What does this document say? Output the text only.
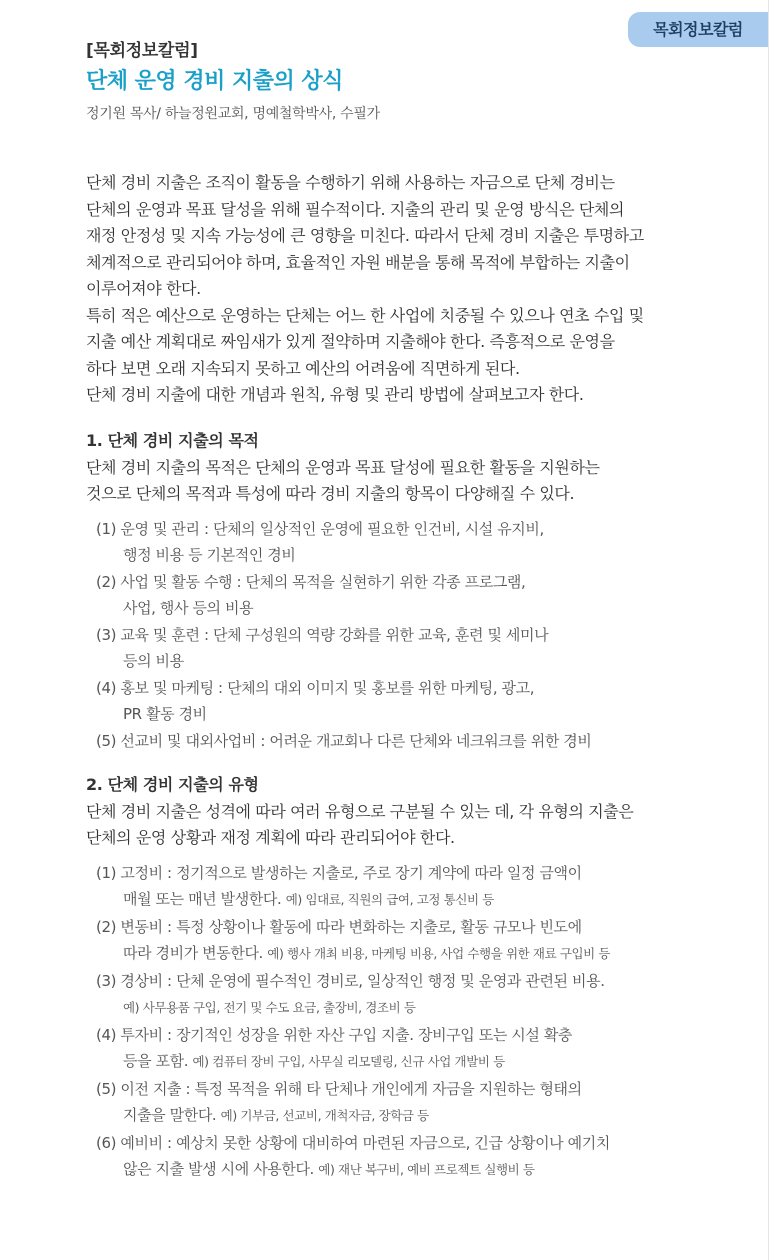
목회정보칼럼
[목회정보칼럼]
단체 운영 경비 지출의 상식
정기원 목사/ 하늘정원교회, 명예철학박사, 수필가

단체 경비 지출은 조직이 활동을 수행하기 위해 사용하는 자금으로 단체 경비는

단체의 운영과 목표 달성을 위해 필수적이다. 지출의 관리 및 운영 방식은 단체의

재정 안정성 및 지속 가능성에 큰 영향을 미친다. 따라서 단체 경비 지출은 투명하고

체계적으로 관리되어야 하며, 효율적인 자원 배분을 통해 목적에 부합하는 지출이

이루어져야 한다.

특히 적은 예산으로 운영하는 단체는 어느 한 사업에 치중될 수 있으나 연초 수입 및

지출 예산 계획대로 짜임새가 있게 절약하며 지출해야 한다. 즉흥적으로 운영을

하다 보면 오래 지속되지 못하고 예산의 어려움에 직면하게 된다.

단체 경비 지출에 대한 개념과 원칙, 유형 및 관리 방법에 살펴보고자 한다.

1. 단체 경비 지출의 목적

단체 경비 지출의 목적은 단체의 운영과 목표 달성에 필요한 활동을 지원하는

것으로 단체의 목적과 특성에 따라 경비 지출의 항목이 다양해질 수 있다.

(1) 운영 및 관리 : 단체의 일상적인 운영에 필요한 인건비, 시설 유지비,
행정 비용 등 기본적인 경비
(2) 사업 및 활동 수행 : 단체의 목적을 실현하기 위한 각종 프로그램,
사업, 행사 등의 비용
(3) 교육 및 훈련 : 단체 구성원의 역량 강화를 위한 교육, 훈련 및 세미나
등의 비용
(4) 홍보 및 마케팅 : 단체의 대외 이미지 및 홍보를 위한 마케팅, 광고,
PR 활동 경비
(5) 선교비 및 대외사업비 : 어려운 개교회나 다른 단체와 네크워크를 위한 경비
2. 단체 경비 지출의 유형

단체 경비 지출은 성격에 따라 여러 유형으로 구분될 수 있는 데, 각 유형의 지출은

단체의 운영 상황과 재정 계획에 따라 관리되어야 한다.

(1) 고정비 : 정기적으로 발생하는 지출로, 주로 장기 계약에 따라 일정 금액이
매월 또는 매년 발생한다. 예) 임대료, 직원의 급여, 고정 통신비 등
(2) 변동비 : 특정 상황이나 활동에 따라 변화하는 지출로, 활동 규모나 빈도에
따라 경비가 변동한다. 예) 행사 개최 비용, 마케팅 비용, 사업 수행을 위한 재료 구입비 등
(3) 경상비 : 단체 운영에 필수적인 경비로, 일상적인 행정 및 운영과 관련된 비용.
예) 사무용품 구입, 전기 및 수도 요금, 출장비, 경조비 등
(4) 투자비 : 장기적인 성장을 위한 자산 구입 지출. 장비구입 또는 시설 확충
등을 포함. 예) 컴퓨터 장비 구입, 사무실 리모델링, 신규 사업 개발비 등
(5) 이전 지출 : 특정 목적을 위해 타 단체나 개인에게 자금을 지원하는 형태의
지출을 말한다. 예) 기부금, 선교비, 개척자금, 장학금 등
(6) 예비비 : 예상치 못한 상황에 대비하여 마련된 자금으로, 긴급 상황이나 예기치
않은 지출 발생 시에 사용한다. 예) 재난 복구비, 예비 프로젝트 실행비 등
